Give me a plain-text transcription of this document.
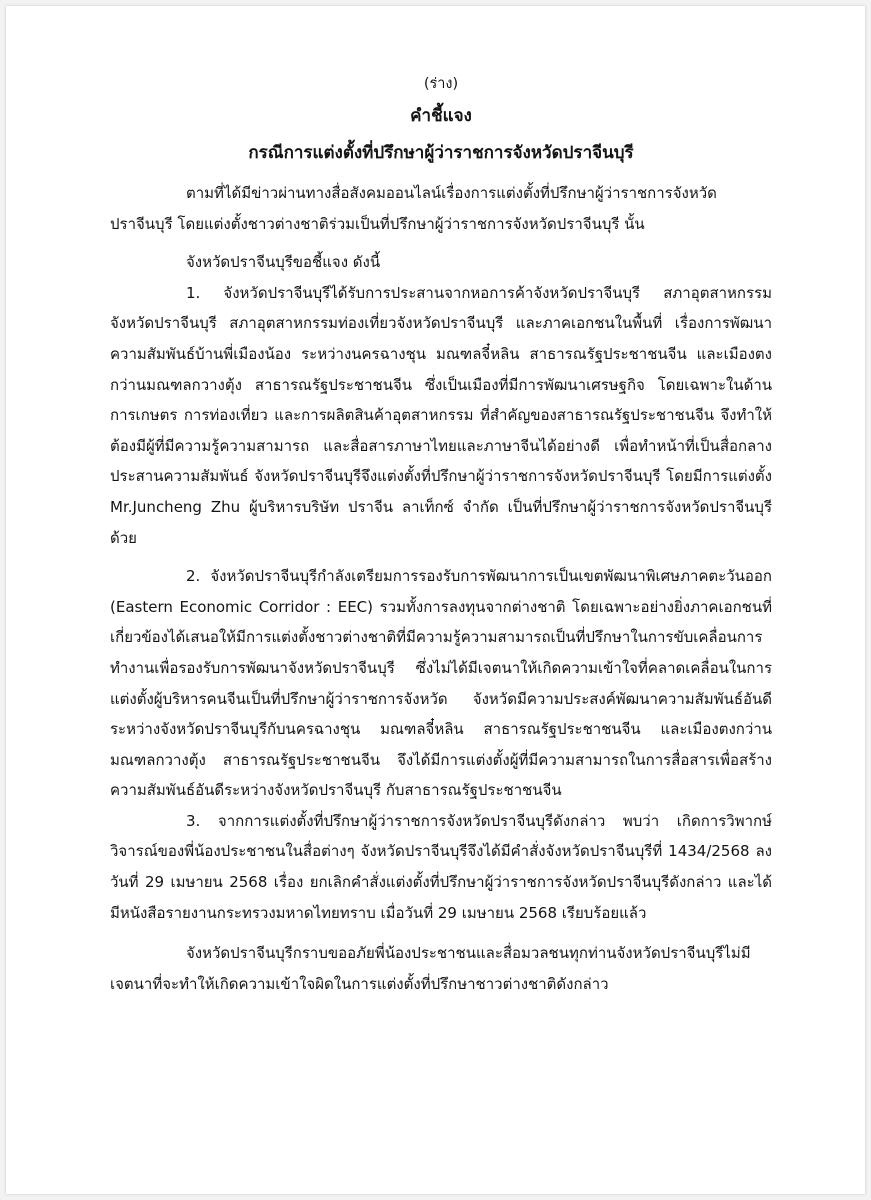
(ร่าง)
คำชี้แจง
กรณีการแต่งตั้งที่ปรึกษาผู้ว่าราชการจังหวัดปราจีนบุรี

ตามที่ได้มีข่าวผ่านทางสื่อสังคมออนไลน์เรื่องการแต่งตั้งที่ปรึกษาผู้ว่าราชการจังหวัดปราจีนบุรี โดยแต่งตั้งชาวต่างชาติร่วมเป็นที่ปรึกษาผู้ว่าราชการจังหวัดปราจีนบุรี นั้น

จังหวัดปราจีนบุรีขอชี้แจง ดังนี้

1. จังหวัดปราจีนบุรีได้รับการประสานจากหอการค้าจังหวัดปราจีนบุรี สภาอุตสาหกรรมจังหวัดปราจีนบุรี สภาอุตสาหกรรมท่องเที่ยวจังหวัดปราจีนบุรี และภาคเอกชนในพื้นที่ เรื่องการพัฒนาความสัมพันธ์บ้านพี่เมืองน้อง ระหว่างนครฉางชุน มณฑลจี๋หลิน สาธารณรัฐประชาชนจีน และเมืองตงกว่านมณฑลกวางตุ้ง สาธารณรัฐประชาชนจีน ซึ่งเป็นเมืองที่มีการพัฒนาเศรษฐกิจ โดยเฉพาะในด้านการเกษตร การท่องเที่ยว และการผลิตสินค้าอุตสาหกรรม ที่สำคัญของสาธารณรัฐประชาชนจีน จึงทำให้ต้องมีผู้ที่มีความรู้ความสามารถ และสื่อสารภาษาไทยและภาษาจีนได้อย่างดี เพื่อทำหน้าที่เป็นสื่อกลางประสานความสัมพันธ์ จังหวัดปราจีนบุรีจึงแต่งตั้งที่ปรึกษาผู้ว่าราชการจังหวัดปราจีนบุรี โดยมีการแต่งตั้ง Mr.Juncheng Zhu ผู้บริหารบริษัท ปราจีน ลาเท็กซ์ จำกัด เป็นที่ปรึกษาผู้ว่าราชการจังหวัดปราจีนบุรีด้วย

2. จังหวัดปราจีนบุรีกำลังเตรียมการรองรับการพัฒนาการเป็นเขตพัฒนาพิเศษภาคตะวันออก (Eastern Economic Corridor : EEC) รวมทั้งการลงทุนจากต่างชาติ โดยเฉพาะอย่างยิ่งภาคเอกชนที่เกี่ยวข้องได้เสนอให้มีการแต่งตั้งชาวต่างชาติที่มีความรู้ความสามารถเป็นที่ปรึกษาในการขับเคลื่อนการทำงานเพื่อรองรับการพัฒนาจังหวัดปราจีนบุรี ซึ่งไม่ได้มีเจตนาให้เกิดความเข้าใจที่คลาดเคลื่อนในการแต่งตั้งผู้บริหารคนจีนเป็นที่ปรึกษาผู้ว่าราชการจังหวัด จังหวัดมีความประสงค์พัฒนาความสัมพันธ์อันดีระหว่างจังหวัดปราจีนบุรีกับนครฉางชุน มณฑลจี๋หลิน สาธารณรัฐประชาชนจีน และเมืองตงกว่าน มณฑลกวางตุ้ง สาธารณรัฐประชาชนจีน จึงได้มีการแต่งตั้งผู้ที่มีความสามารถในการสื่อสารเพื่อสร้างความสัมพันธ์อันดีระหว่างจังหวัดปราจีนบุรี กับสาธารณรัฐประชาชนจีน

3. จากการแต่งตั้งที่ปรึกษาผู้ว่าราชการจังหวัดปราจีนบุรีดังกล่าว พบว่า เกิดการวิพากษ์วิจารณ์ของพี่น้องประชาชนในสื่อต่างๆ จังหวัดปราจีนบุรีจึงได้มีคำสั่งจังหวัดปราจีนบุรีที่ 1434/2568 ลงวันที่ 29 เมษายน 2568 เรื่อง ยกเลิกคำสั่งแต่งตั้งที่ปรึกษาผู้ว่าราชการจังหวัดปราจีนบุรีดังกล่าว และได้มีหนังสือรายงานกระทรวงมหาดไทยทราบ เมื่อวันที่ 29 เมษายน 2568 เรียบร้อยแล้ว

จังหวัดปราจีนบุรีกราบขออภัยพี่น้องประชาชนและสื่อมวลชนทุกท่านจังหวัดปราจีนบุรีไม่มีเจตนาที่จะทำให้เกิดความเข้าใจผิดในการแต่งตั้งที่ปรึกษาชาวต่างชาติดังกล่าว
